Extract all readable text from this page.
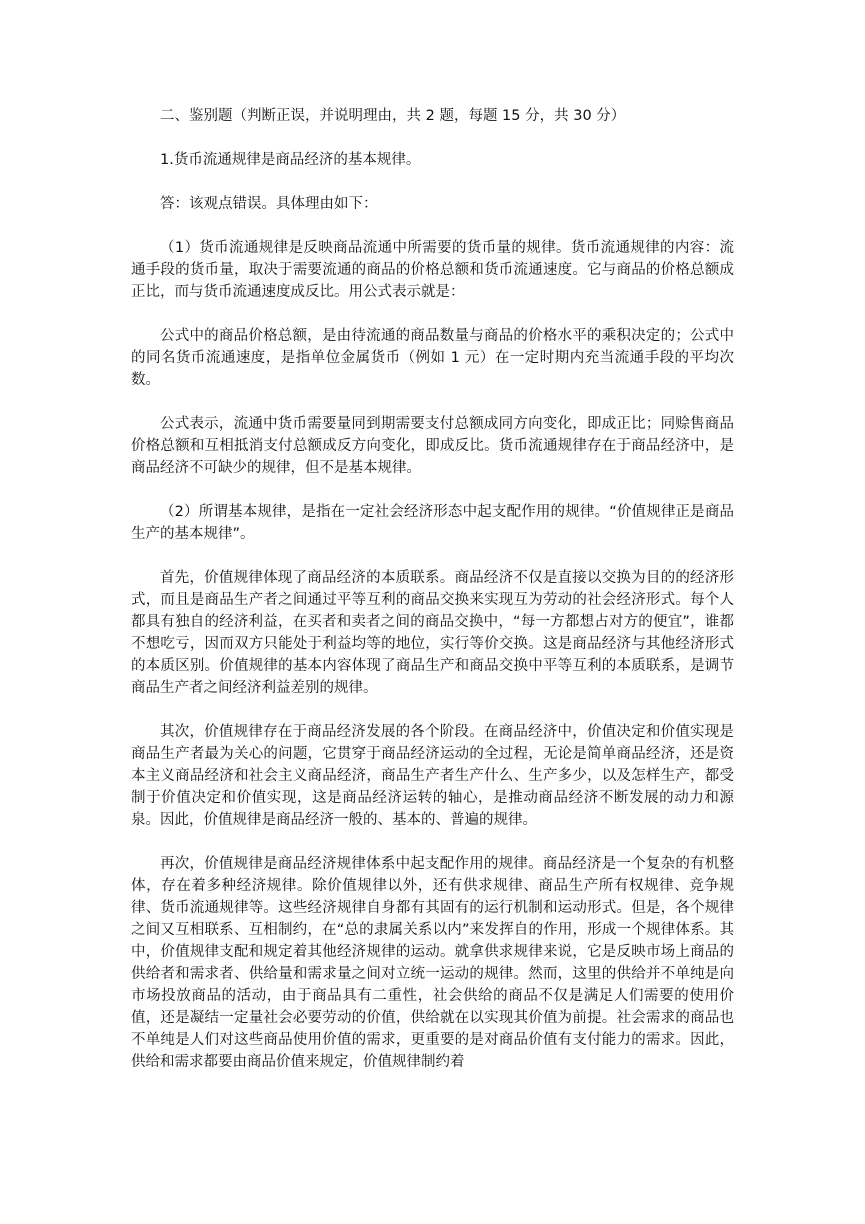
二、鉴别题（判断正误，并说明理由，共 2 题，每题 15 分，共 30 分）

1.货币流通规律是商品经济的基本规律。

答：该观点错误。具体理由如下：

（1）货币流通规律是反映商品流通中所需要的货币量的规律。货币流通规律的内容：流通手段的货币量，取决于需要流通的商品的价格总额和货币流通速度。它与商品的价格总额成正比，而与货币流通速度成反比。用公式表示就是：

公式中的商品价格总额，是由待流通的商品数量与商品的价格水平的乘积决定的；公式中的同名货币流通速度，是指单位金属货币（例如 1 元）在一定时期内充当流通手段的平均次数。

公式表示，流通中货币需要量同到期需要支付总额成同方向变化，即成正比；同赊售商品价格总额和互相抵消支付总额成反方向变化，即成反比。货币流通规律存在于商品经济中，是商品经济不可缺少的规律，但不是基本规律。

（2）所谓基本规律，是指在一定社会经济形态中起支配作用的规律。“价值规律正是商品生产的基本规律”。

首先，价值规律体现了商品经济的本质联系。商品经济不仅是直接以交换为目的的经济形式，而且是商品生产者之间通过平等互利的商品交换来实现互为劳动的社会经济形式。每个人都具有独自的经济利益，在买者和卖者之间的商品交换中，“每一方都想占对方的便宜”，谁都不想吃亏，因而双方只能处于利益均等的地位，实行等价交换。这是商品经济与其他经济形式的本质区别。价值规律的基本内容体现了商品生产和商品交换中平等互利的本质联系，是调节商品生产者之间经济利益差别的规律。

其次，价值规律存在于商品经济发展的各个阶段。在商品经济中，价值决定和价值实现是商品生产者最为关心的问题，它贯穿于商品经济运动的全过程，无论是简单商品经济，还是资本主义商品经济和社会主义商品经济，商品生产者生产什么、生产多少，以及怎样生产，都受制于价值决定和价值实现，这是商品经济运转的轴心，是推动商品经济不断发展的动力和源泉。因此，价值规律是商品经济一般的、基本的、普遍的规律。

再次，价值规律是商品经济规律体系中起支配作用的规律。商品经济是一个复杂的有机整体，存在着多种经济规律。除价值规律以外，还有供求规律、商品生产所有权规律、竞争规律、货币流通规律等。这些经济规律自身都有其固有的运行机制和运动形式。但是，各个规律之间又互相联系、互相制约，在“总的隶属关系以内”来发挥自的作用，形成一个规律体系。其中，价值规律支配和规定着其他经济规律的运动。就拿供求规律来说，它是反映市场上商品的供给者和需求者、供给量和需求量之间对立统一运动的规律。然而，这里的供给并不单纯是向市场投放商品的活动，由于商品具有二重性，社会供给的商品不仅是满足人们需要的使用价值，还是凝结一定量社会必要劳动的价值，供给就在以实现其价值为前提。社会需求的商品也不单纯是人们对这些商品使用价值的需求，更重要的是对商品价值有支付能力的需求。因此，供给和需求都要由商品价值来规定，价值规律制约着
